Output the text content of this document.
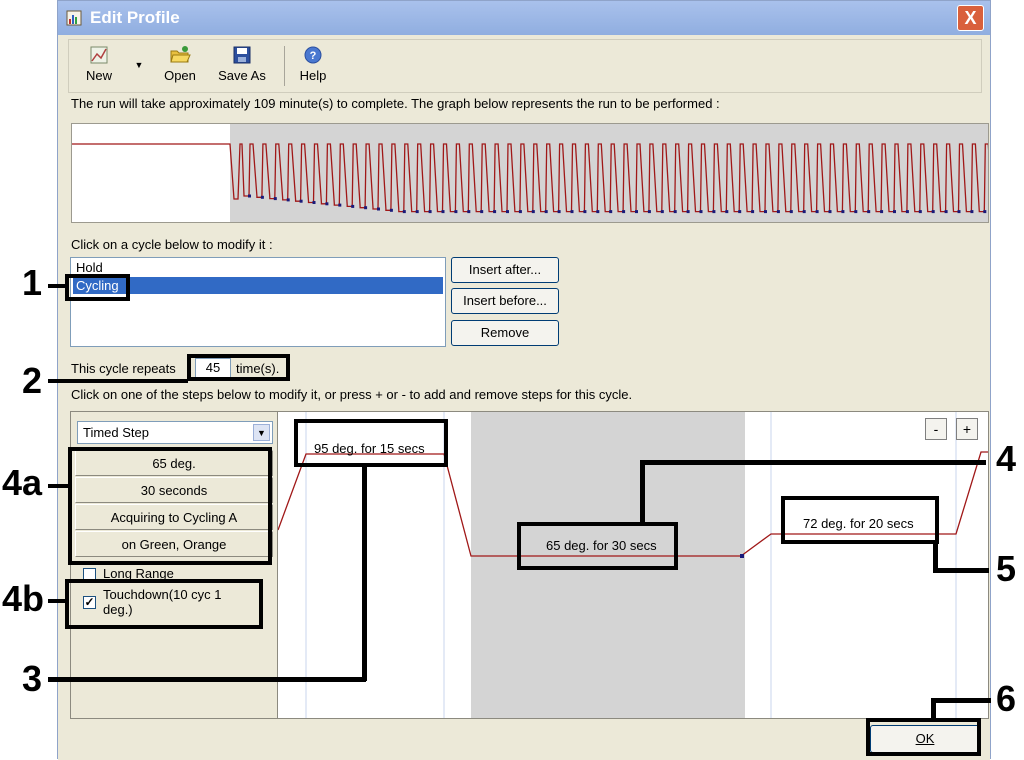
Edit Profile	X
New
▼
Open	Save As
?
Help
The run will take approximately 109 minute(s) to complete. The graph below represents the run to be performed :
Click on a cycle below to modify it :
Hold
Cycling
Insert after...
Insert before...
Remove
This cycle repeats	45	time(s).
Click on one of the steps below to modify it, or press + or - to add and remove steps for this cycle.
Timed Step	▼
65 deg.
30 seconds
Acquiring to Cycling A
on Green, Orange
Long Range
✓ Touchdown(10 cyc 1 deg.)
-	+
95 deg. for 15 secs
65 deg. for 30 secs
72 deg. for 20 secs
OK
1
2
4a
4b
3
4
5
6
